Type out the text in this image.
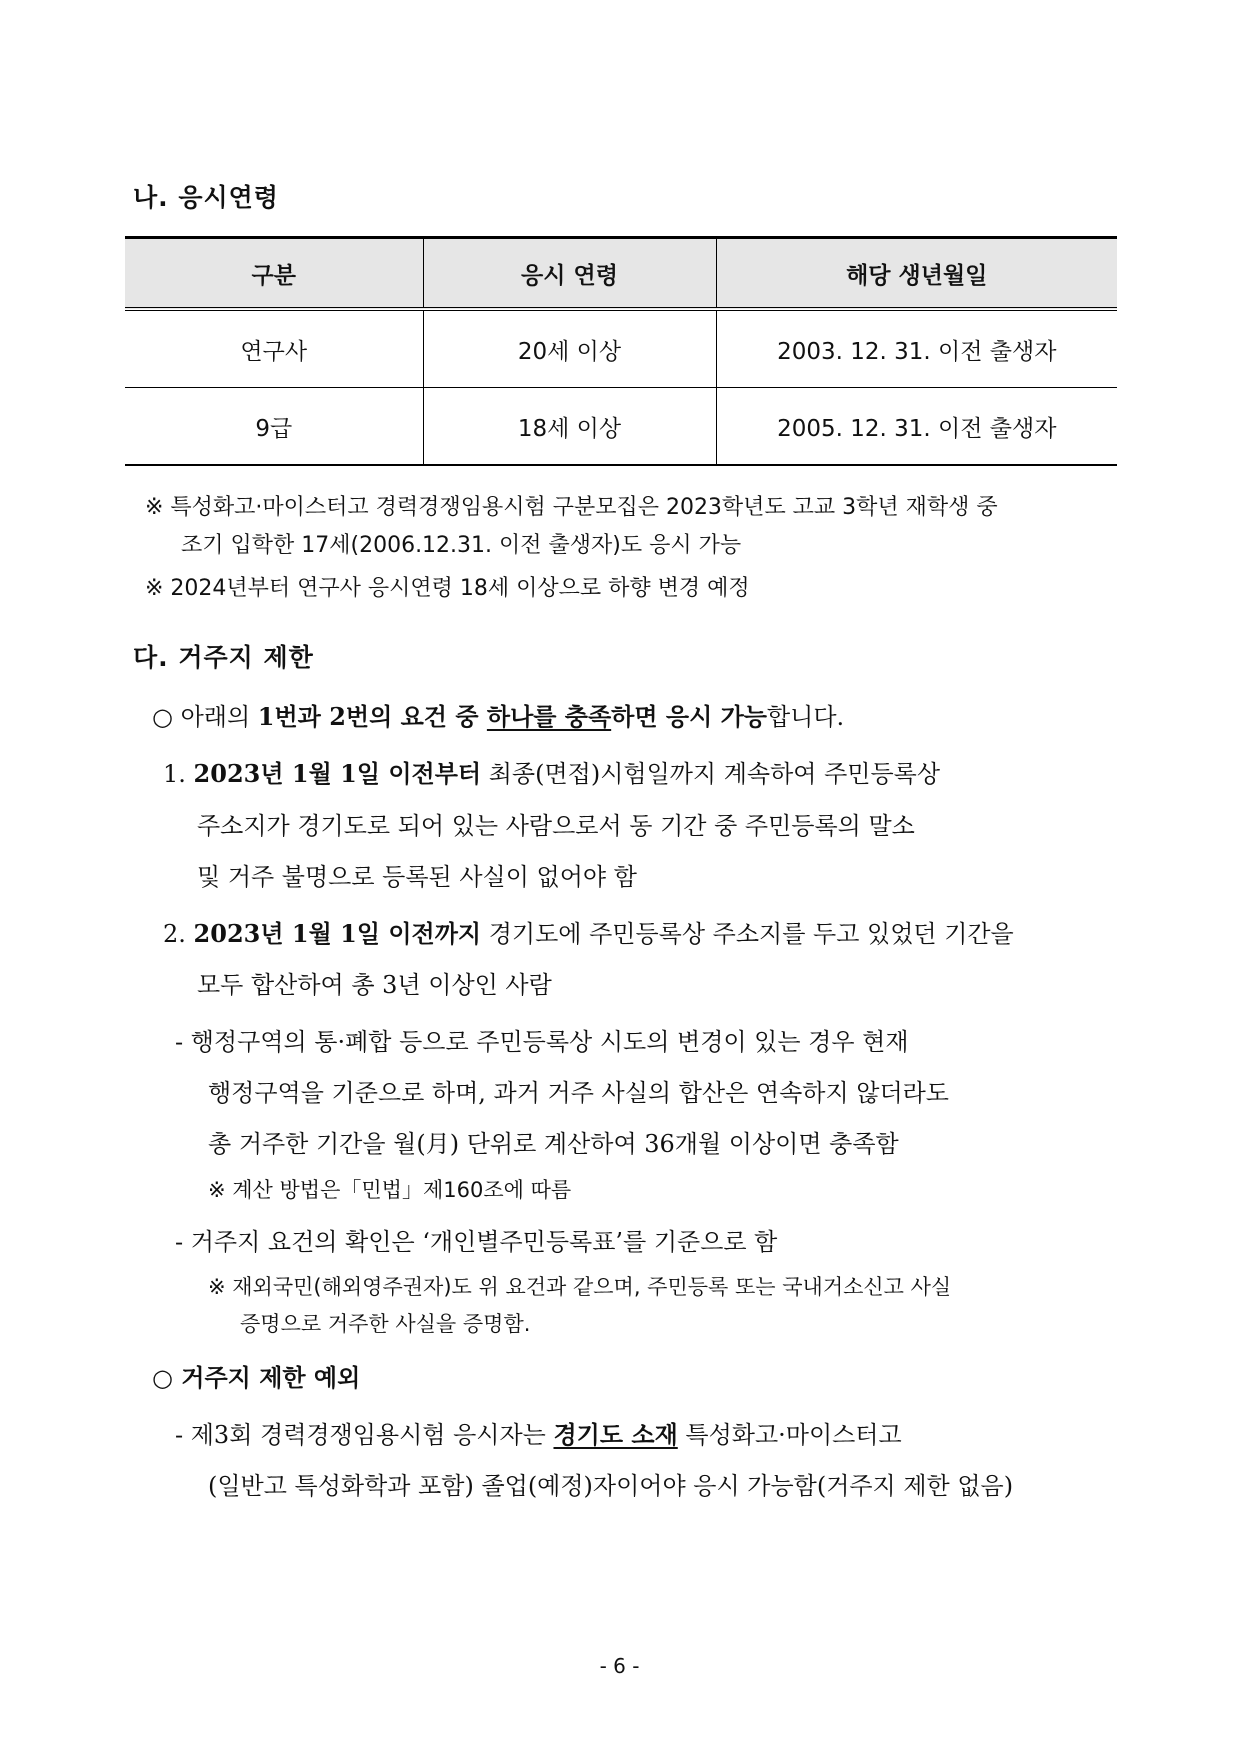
나. 응시연령
구분	응시 연령	해당 생년월일
연구사	20세 이상	2003. 12. 31. 이전 출생자
9급	18세 이상	2005. 12. 31. 이전 출생자
※ 특성화고·마이스터고 경력경쟁임용시험 구분모집은 2023학년도 고교 3학년 재학생 중
조기 입학한 17세(2006.12.31. 이전 출생자)도 응시 가능
※ 2024년부터 연구사 응시연령 18세 이상으로 하향 변경 예정
다. 거주지 제한
○ 아래의 1번과 2번의 요건 중 하나를 충족하면 응시 가능합니다.
1. 2023년 1월 1일 이전부터 최종(면접)시험일까지 계속하여 주민등록상
주소지가 경기도로 되어 있는 사람으로서 동 기간 중 주민등록의 말소
및 거주 불명으로 등록된 사실이 없어야 함
2. 2023년 1월 1일 이전까지 경기도에 주민등록상 주소지를 두고 있었던 기간을
모두 합산하여 총 3년 이상인 사람
- 행정구역의 통·폐합 등으로 주민등록상 시도의 변경이 있는 경우 현재
행정구역을 기준으로 하며, 과거 거주 사실의 합산은 연속하지 않더라도
총 거주한 기간을 월(月) 단위로 계산하여 36개월 이상이면 충족함
※ 계산 방법은「민법」제160조에 따름
- 거주지 요건의 확인은 ‘개인별주민등록표’를 기준으로 함
※ 재외국민(해외영주권자)도 위 요건과 같으며, 주민등록 또는 국내거소신고 사실
증명으로 거주한 사실을 증명함.
○ 거주지 제한 예외
- 제3회 경력경쟁임용시험 응시자는 경기도 소재 특성화고·마이스터고
(일반고 특성화학과 포함) 졸업(예정)자이어야 응시 가능함(거주지 제한 없음)
- 6 -
